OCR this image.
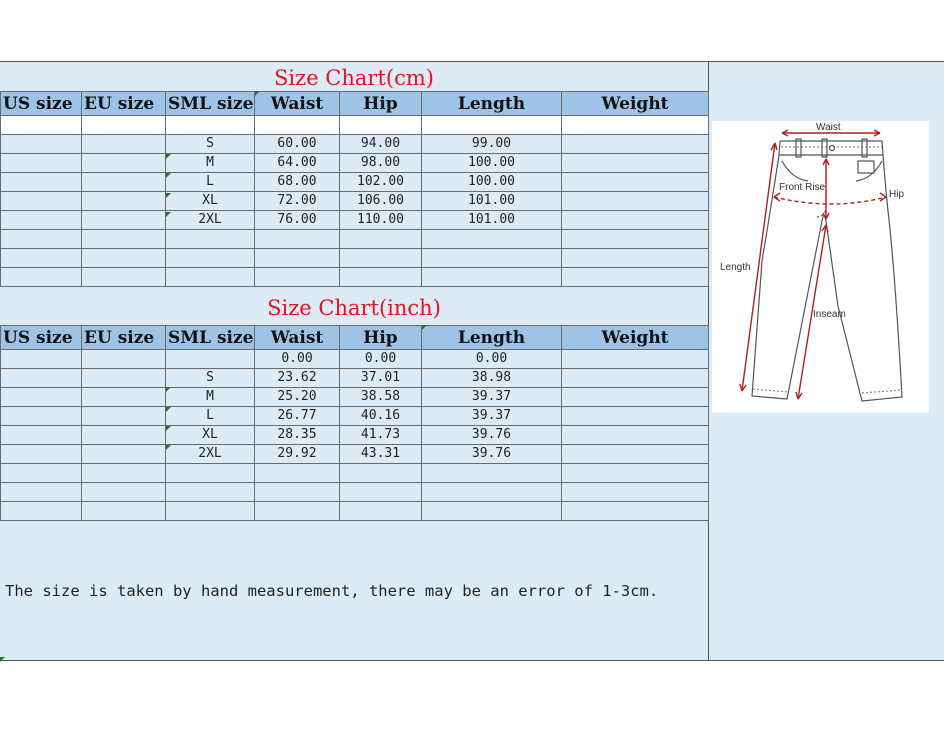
Size Chart(cm)
US size	EU size	SML size	Waist	Hip	Length	Weight

		S	60.00	94.00	99.00	
		M	64.00	98.00	100.00	
		L	68.00	102.00	100.00	
		XL	72.00	106.00	101.00	
		2XL	76.00	110.00	101.00	

Size Chart(inch)
US size	EU size	SML size	Waist	Hip	Length	Weight
			0.00	0.00	0.00	
		S	23.62	37.01	38.98	
		M	25.20	38.58	39.37	
		L	26.77	40.16	39.37	
		XL	28.35	41.73	39.76	
		2XL	29.92	43.31	39.76	

The size is taken by hand measurement, there may be an error of 1-3cm.
Waist
Front Rise
Hip
Length
Inseam
